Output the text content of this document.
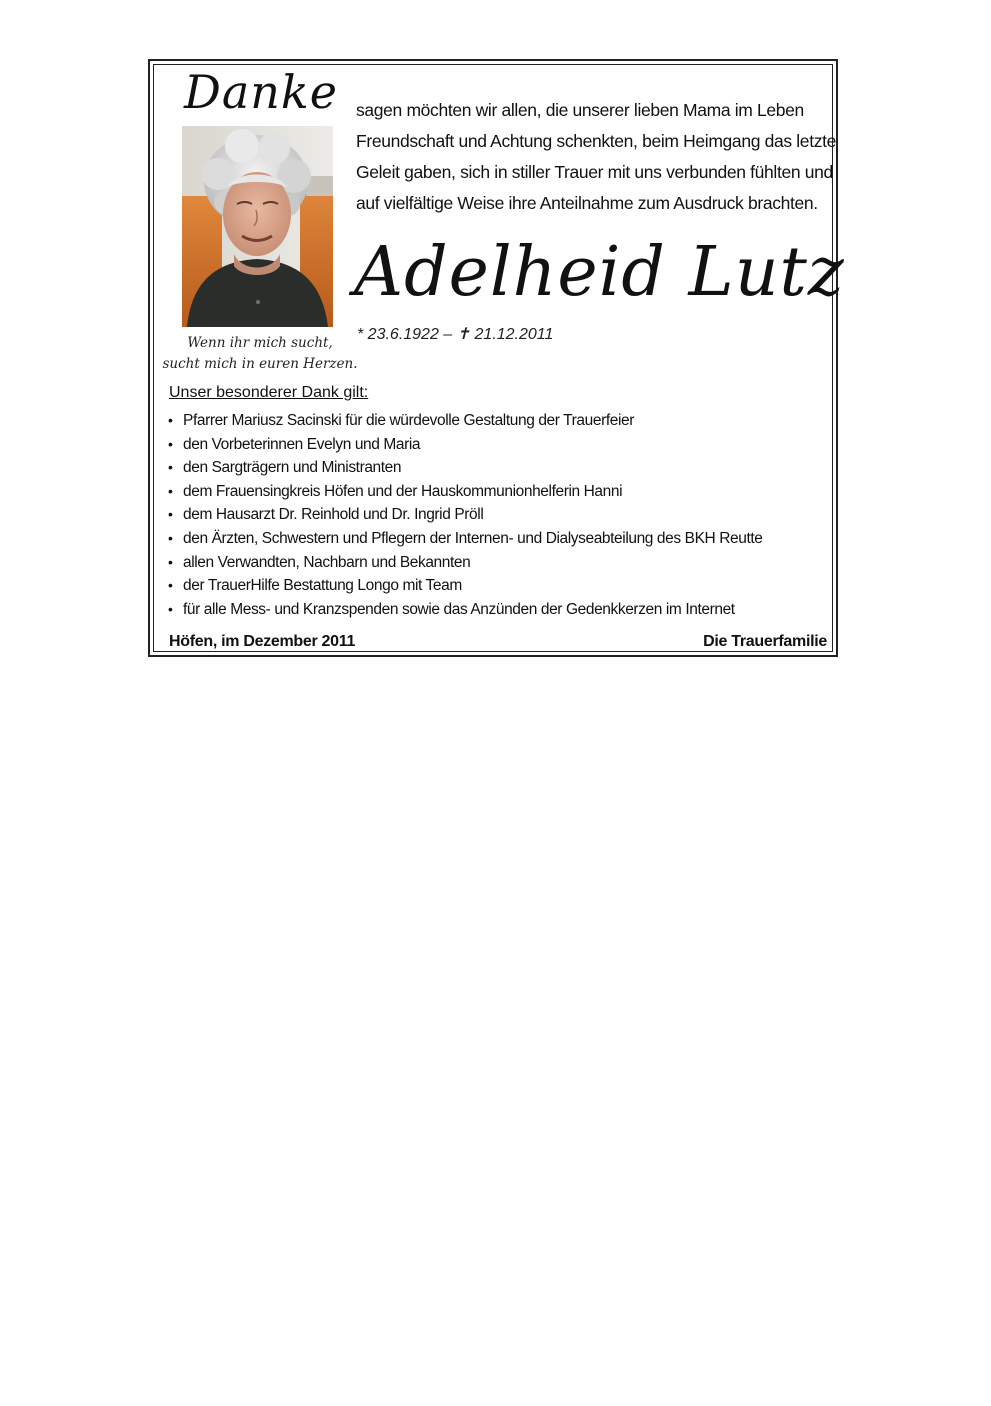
Danke
Wenn ihr mich sucht,
sucht mich in euren Herzen.
sagen möchten wir allen, die unserer lieben Mama im Leben Freundschaft und Achtung schenkten, beim Heimgang das letzte Geleit gaben, sich in stiller Trauer mit uns verbunden fühlten und auf vielfältige Weise ihre Anteilnahme zum Ausdruck brachten.
Adelheid Lutz
* 23.6.1922 – ✝ 21.12.2011
Unser besonderer Dank gilt:
• Pfarrer Mariusz Sacinski für die würdevolle Gestaltung der Trauerfeier
• den Vorbeterinnen Evelyn und Maria
• den Sargträgern und Ministranten
• dem Frauensingkreis Höfen und der Hauskommunionhelferin Hanni
• dem Hausarzt Dr. Reinhold und Dr. Ingrid Pröll
• den Ärzten, Schwestern und Pflegern der Internen- und Dialyseabteilung des BKH Reutte
• allen Verwandten, Nachbarn und Bekannten
• der TrauerHilfe Bestattung Longo mit Team
• für alle Mess- und Kranzspenden sowie das Anzünden der Gedenkkerzen im Internet
Höfen, im Dezember 2011	Die Trauerfamilie
